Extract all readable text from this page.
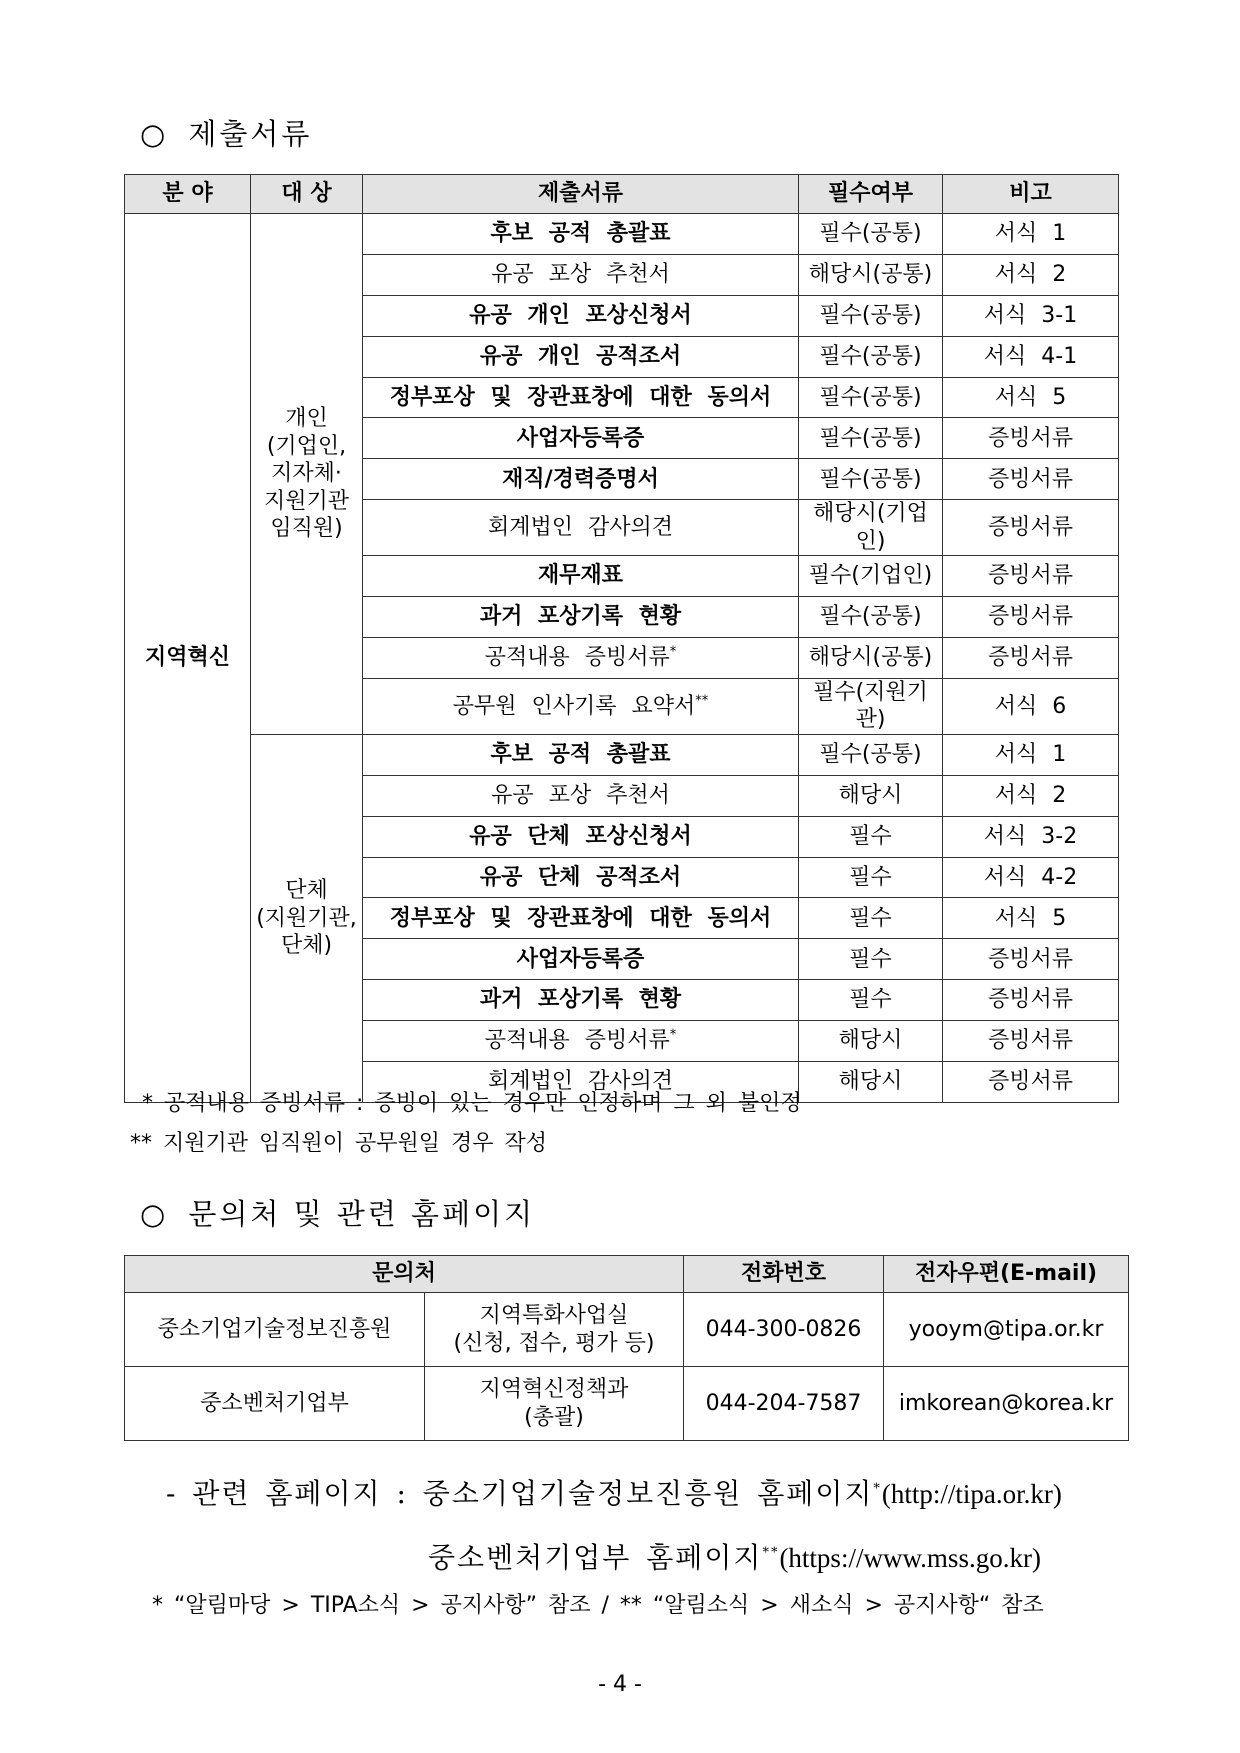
○ 제출서류
분 야	대 상	제출서류	필수여부	비고
지역혁신	개인
(기업인,
지자체·
지원기관
임직원)	후보 공적 총괄표	필수(공통)	서식 1
		유공 포상 추천서	해당시(공통)	서식 2
		유공 개인 포상신청서	필수(공통)	서식 3-1
		유공 개인 공적조서	필수(공통)	서식 4-1
		정부포상 및 장관표창에 대한 동의서	필수(공통)	서식 5
		사업자등록증	필수(공통)	증빙서류
		재직/경력증명서	필수(공통)	증빙서류
		회계법인 감사의견	해당시(기업인)	증빙서류
		재무재표	필수(기업인)	증빙서류
		과거 포상기록 현황	필수(공통)	증빙서류
		공적내용 증빙서류*	해당시(공통)	증빙서류
		공무원 인사기록 요약서**	필수(지원기관)	서식 6
	단체
(지원기관,
단체)	후보 공적 총괄표	필수(공통)	서식 1
		유공 포상 추천서	해당시	서식 2
		유공 단체 포상신청서	필수	서식 3-2
		유공 단체 공적조서	필수	서식 4-2
		정부포상 및 장관표창에 대한 동의서	필수	서식 5
		사업자등록증	필수	증빙서류
		과거 포상기록 현황	필수	증빙서류
		공적내용 증빙서류*	해당시	증빙서류
		회계법인 감사의견	해당시	증빙서류
* 공적내용 증빙서류 : 증빙이 있는 경우만 인정하며 그 외 불인정
** 지원기관 임직원이 공무원일 경우 작성
○ 문의처 및 관련 홈페이지
문의처		전화번호	전자우편(E-mail)
중소기업기술정보진흥원	지역특화사업실
(신청, 접수, 평가 등)	044-300-0826	yooym@tipa.or.kr
중소벤처기업부	지역혁신정책과
(총괄)	044-204-7587	imkorean@korea.kr
- 관련 홈페이지 : 중소기업기술정보진흥원 홈페이지*(http://tipa.or.kr)
중소벤처기업부 홈페이지**(https://www.mss.go.kr)
* “알림마당 > TIPA소식 > 공지사항” 참조 / ** “알림소식 > 새소식 > 공지사항“ 참조
- 4 -
